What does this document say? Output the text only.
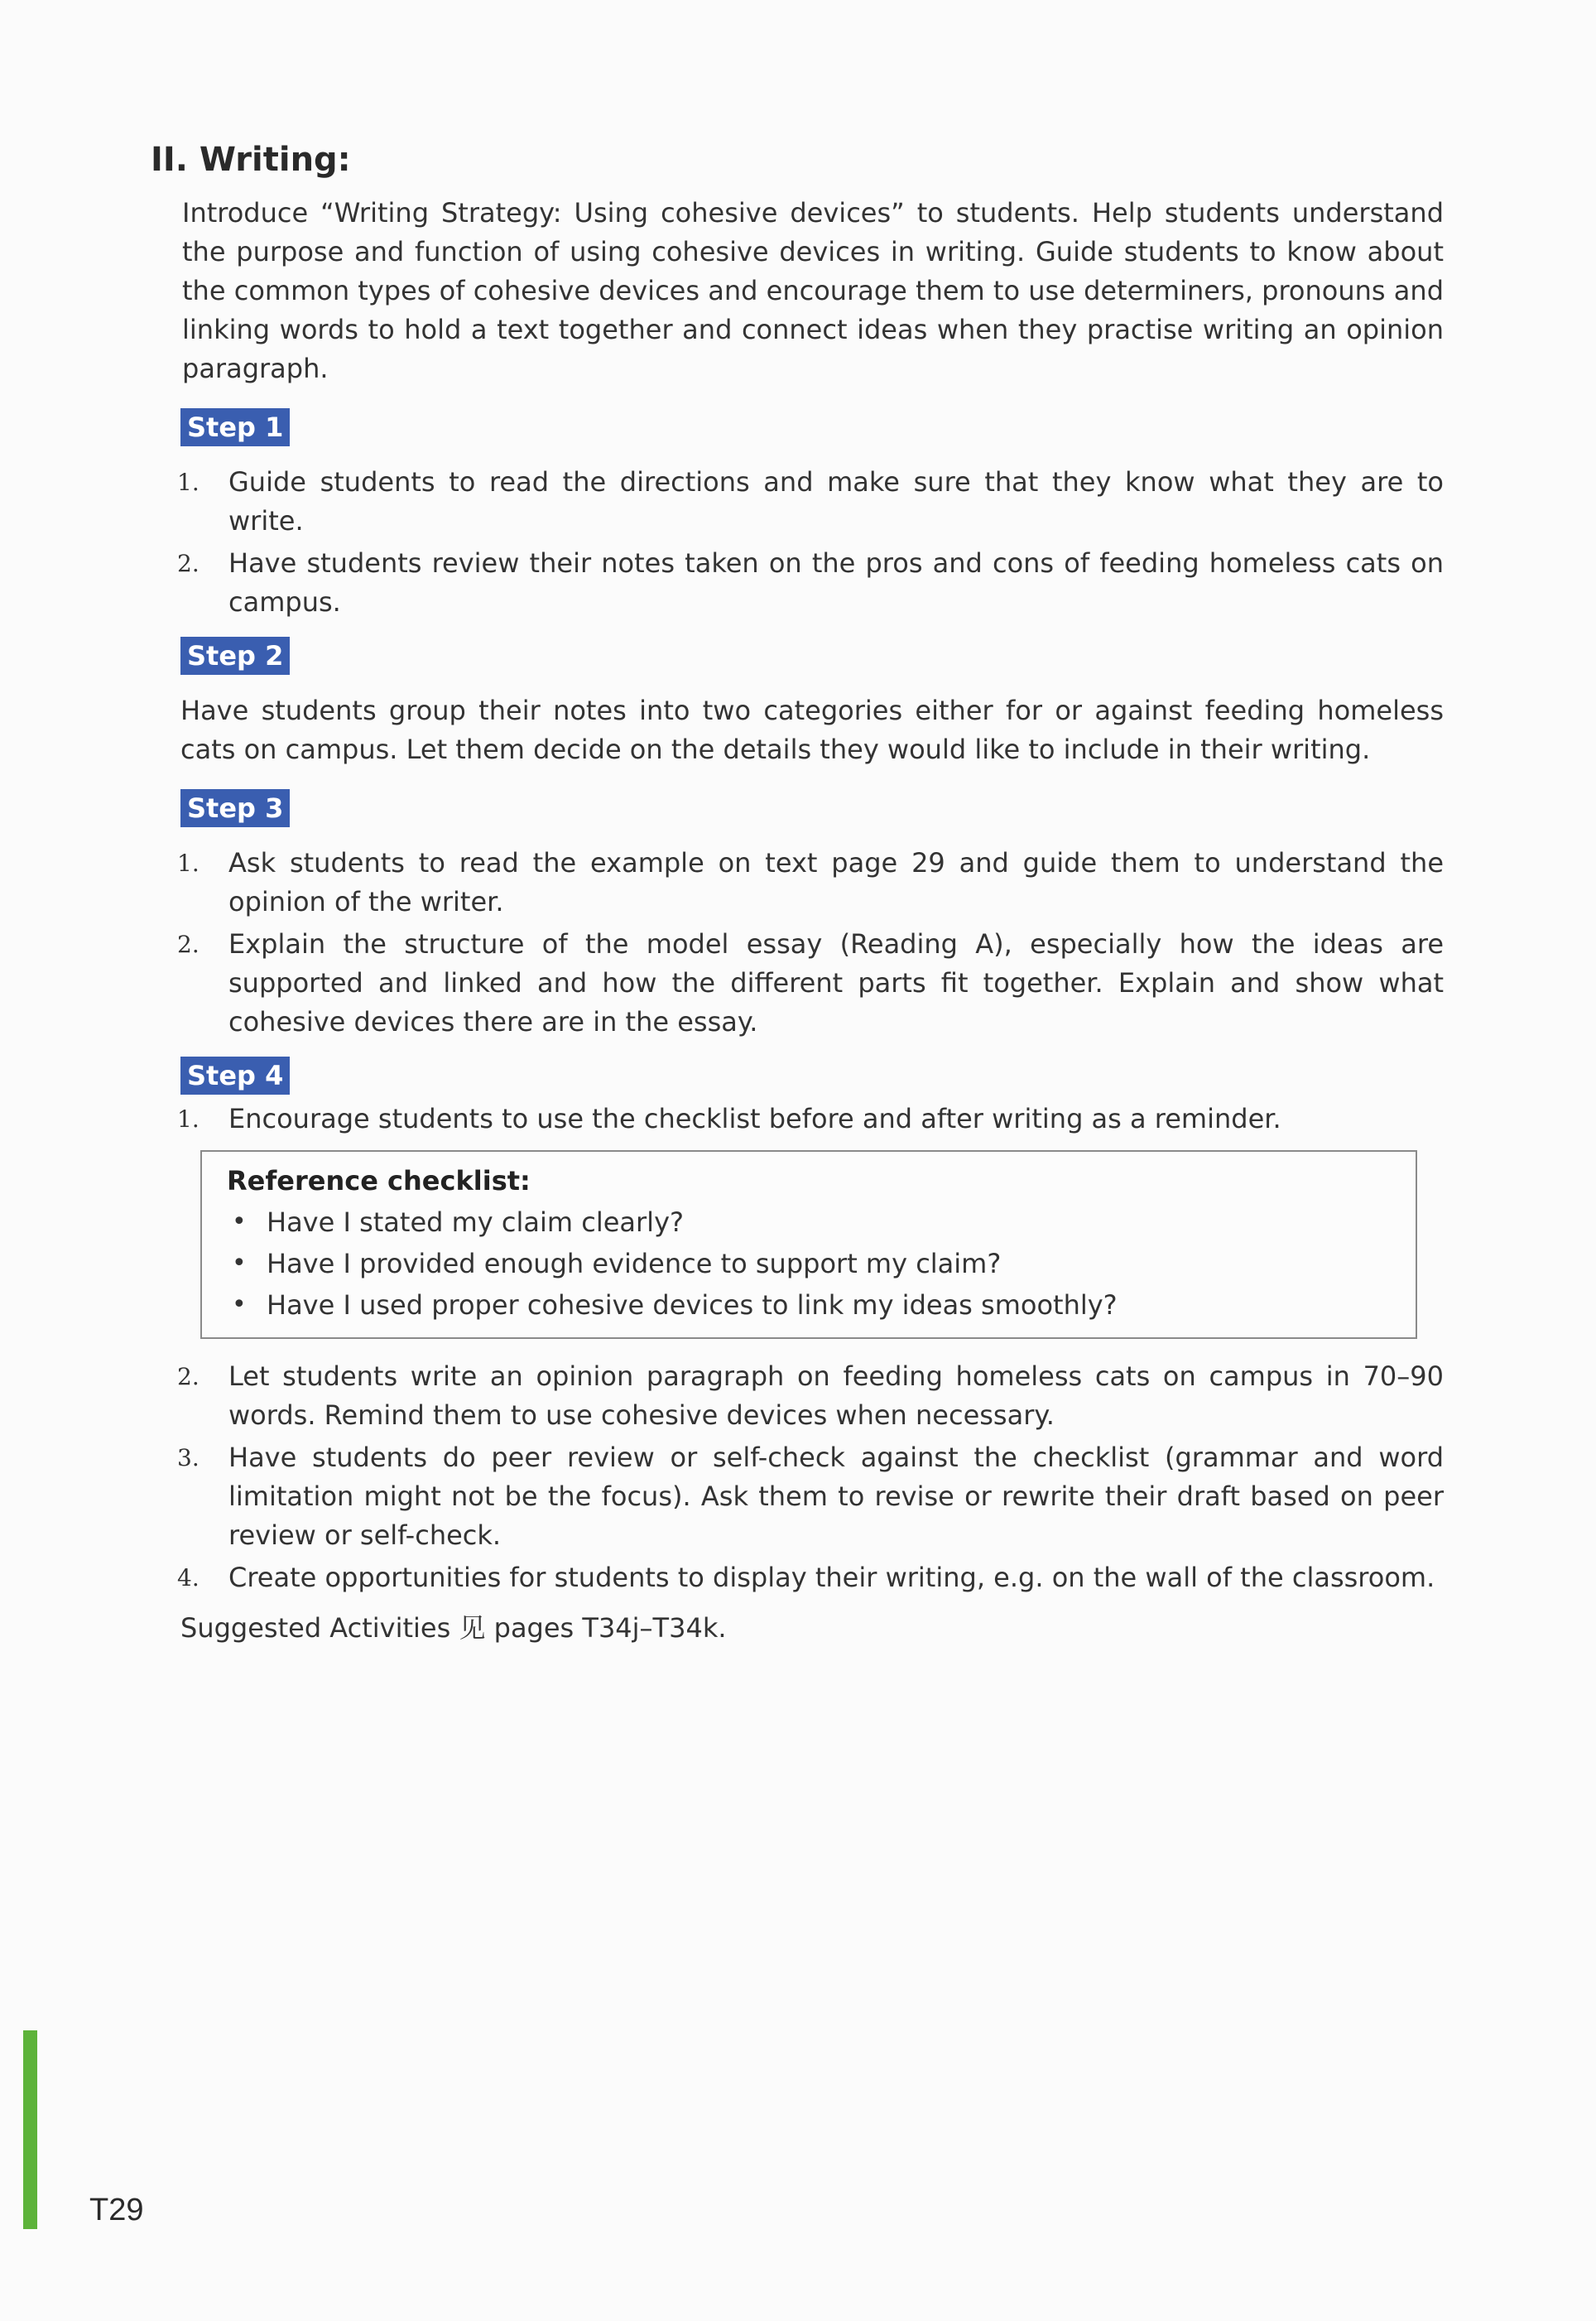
II. Writing:
Introduce “Writing Strategy: Using cohesive devices” to students. Help students understand the purpose and function of using cohesive devices in writing. Guide students to know about the common types of cohesive devices and encourage them to use determiners, pronouns and linking words to hold a text together and connect ideas when they practise writing an opinion paragraph.
Step 1
1. Guide students to read the directions and make sure that they know what they are to write.
2. Have students review their notes taken on the pros and cons of feeding homeless cats on campus.
Step 2
Have students group their notes into two categories either for or against feeding homeless cats on campus. Let them decide on the details they would like to include in their writing.
Step 3
1. Ask students to read the example on text page 29 and guide them to understand the opinion of the writer.
2. Explain the structure of the model essay (Reading A), especially how the ideas are supported and linked and how the different parts fit together. Explain and show what cohesive devices there are in the essay.
Step 4
1. Encourage students to use the checklist before and after writing as a reminder.
Reference checklist:
• Have I stated my claim clearly?
• Have I provided enough evidence to support my claim?
• Have I used proper cohesive devices to link my ideas smoothly?
2. Let students write an opinion paragraph on feeding homeless cats on campus in 70–90 words. Remind them to use cohesive devices when necessary.
3. Have students do peer review or self-check against the checklist (grammar and word limitation might not be the focus). Ask them to revise or rewrite their draft based on peer review or self-check.
4. Create opportunities for students to display their writing, e.g. on the wall of the classroom.
Suggested Activities 见 pages T34j–T34k.
T29
